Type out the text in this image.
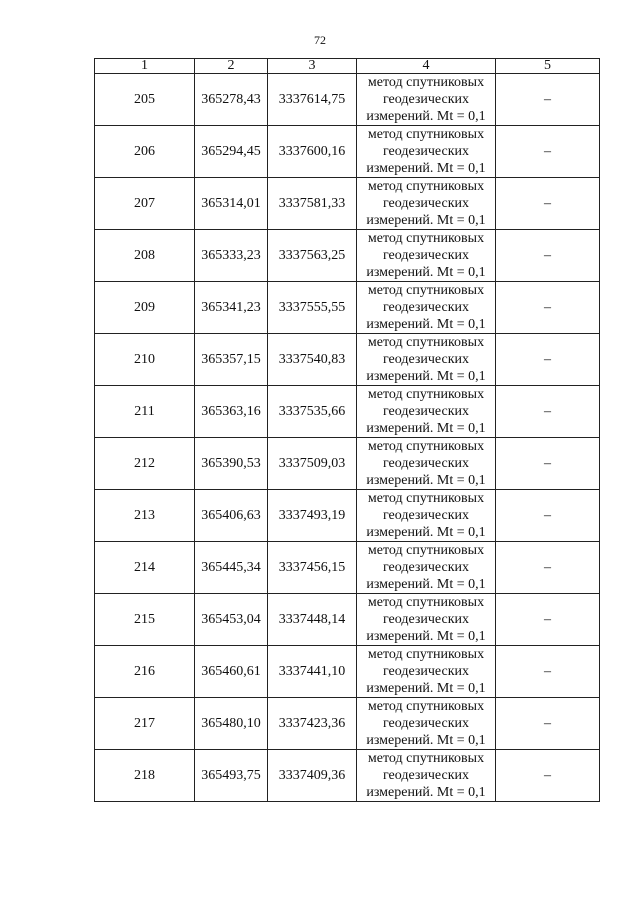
72
1	2	3	4	5
205	365278,43	3337614,75	метод спутниковых
геодезических
измерений. Mt = 0,1	–
206	365294,45	3337600,16	метод спутниковых
геодезических
измерений. Mt = 0,1	–
207	365314,01	3337581,33	метод спутниковых
геодезических
измерений. Mt = 0,1	–
208	365333,23	3337563,25	метод спутниковых
геодезических
измерений. Mt = 0,1	–
209	365341,23	3337555,55	метод спутниковых
геодезических
измерений. Mt = 0,1	–
210	365357,15	3337540,83	метод спутниковых
геодезических
измерений. Mt = 0,1	–
211	365363,16	3337535,66	метод спутниковых
геодезических
измерений. Mt = 0,1	–
212	365390,53	3337509,03	метод спутниковых
геодезических
измерений. Mt = 0,1	–
213	365406,63	3337493,19	метод спутниковых
геодезических
измерений. Mt = 0,1	–
214	365445,34	3337456,15	метод спутниковых
геодезических
измерений. Mt = 0,1	–
215	365453,04	3337448,14	метод спутниковых
геодезических
измерений. Mt = 0,1	–
216	365460,61	3337441,10	метод спутниковых
геодезических
измерений. Mt = 0,1	–
217	365480,10	3337423,36	метод спутниковых
геодезических
измерений. Mt = 0,1	–
218	365493,75	3337409,36	метод спутниковых
геодезических
измерений. Mt = 0,1	–
